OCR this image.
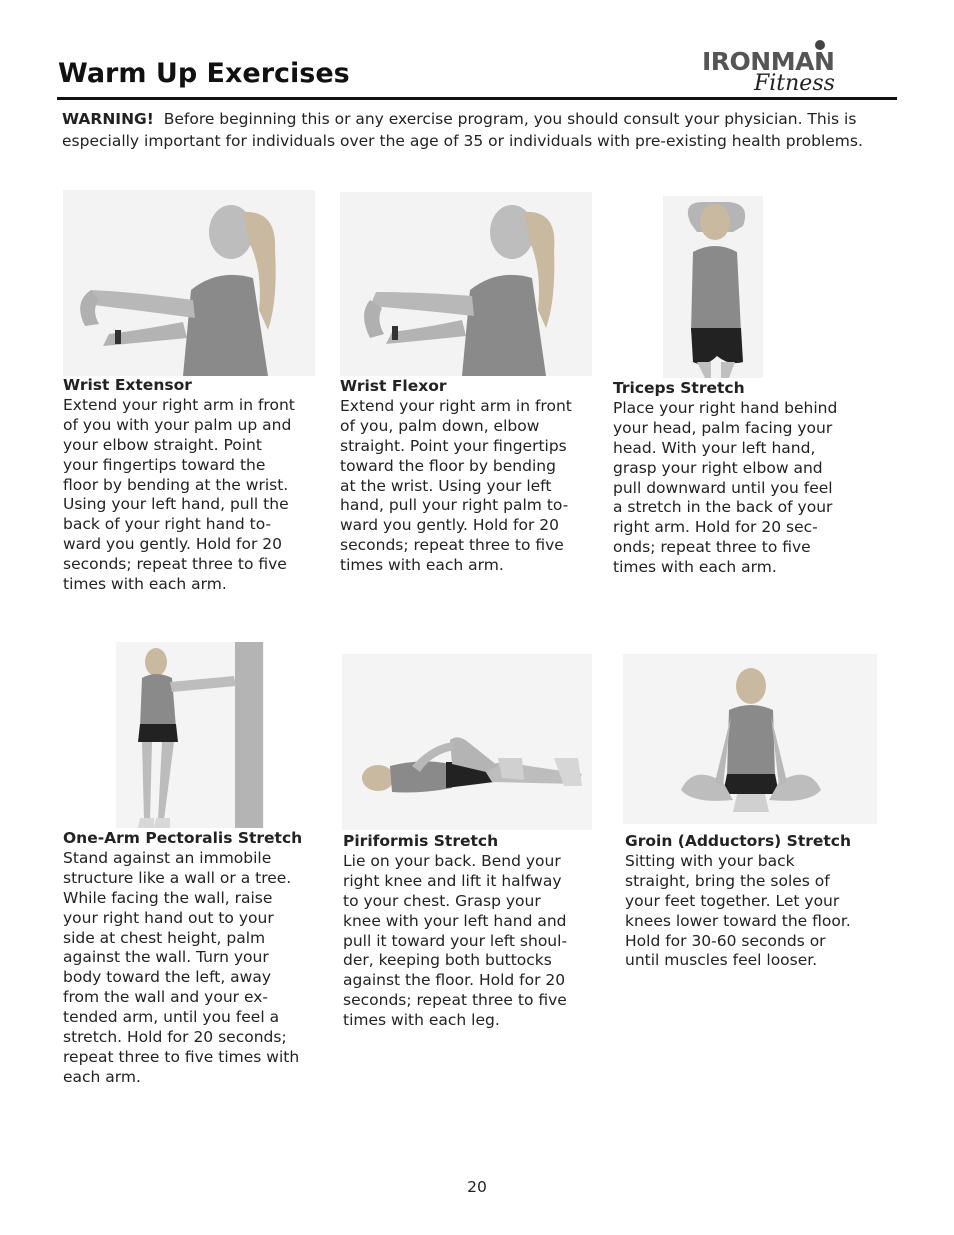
Warm Up Exercises	IRONMAN
Fitness
WARNING! Before beginning this or any exercise program, you should consult your physician. This is especially important for individuals over the age of 35 or individuals with pre-existing health problems.
Wrist Extensor
Extend your right arm in front
of you with your palm up and
your elbow straight. Point
your fingertips toward the
floor by bending at the wrist.
Using your left hand, pull the
back of your right hand to-
ward you gently. Hold for 20
seconds; repeat three to five
times with each arm.
Wrist Flexor
Extend your right arm in front
of you, palm down, elbow
straight. Point your fingertips
toward the floor by bending
at the wrist. Using your left
hand, pull your right palm to-
ward you gently. Hold for 20
seconds; repeat three to five
times with each arm.
Triceps Stretch
Place your right hand behind
your head, palm facing your
head. With your left hand,
grasp your right elbow and
pull downward until you feel
a stretch in the back of your
right arm. Hold for 20 sec-
onds; repeat three to five
times with each arm.
One-Arm Pectoralis Stretch
Stand against an immobile
structure like a wall or a tree.
While facing the wall, raise
your right hand out to your
side at chest height, palm
against the wall. Turn your
body toward the left, away
from the wall and your ex-
tended arm, until you feel a
stretch. Hold for 20 seconds;
repeat three to five times with
each arm.
Piriformis Stretch
Lie on your back. Bend your
right knee and lift it halfway
to your chest. Grasp your
knee with your left hand and
pull it toward your left shoul-
der, keeping both buttocks
against the floor. Hold for 20
seconds; repeat three to five
times with each leg.
Groin (Adductors) Stretch
Sitting with your back
straight, bring the soles of
your feet together. Let your
knees lower toward the floor.
Hold for 30-60 seconds or
until muscles feel looser.
20
